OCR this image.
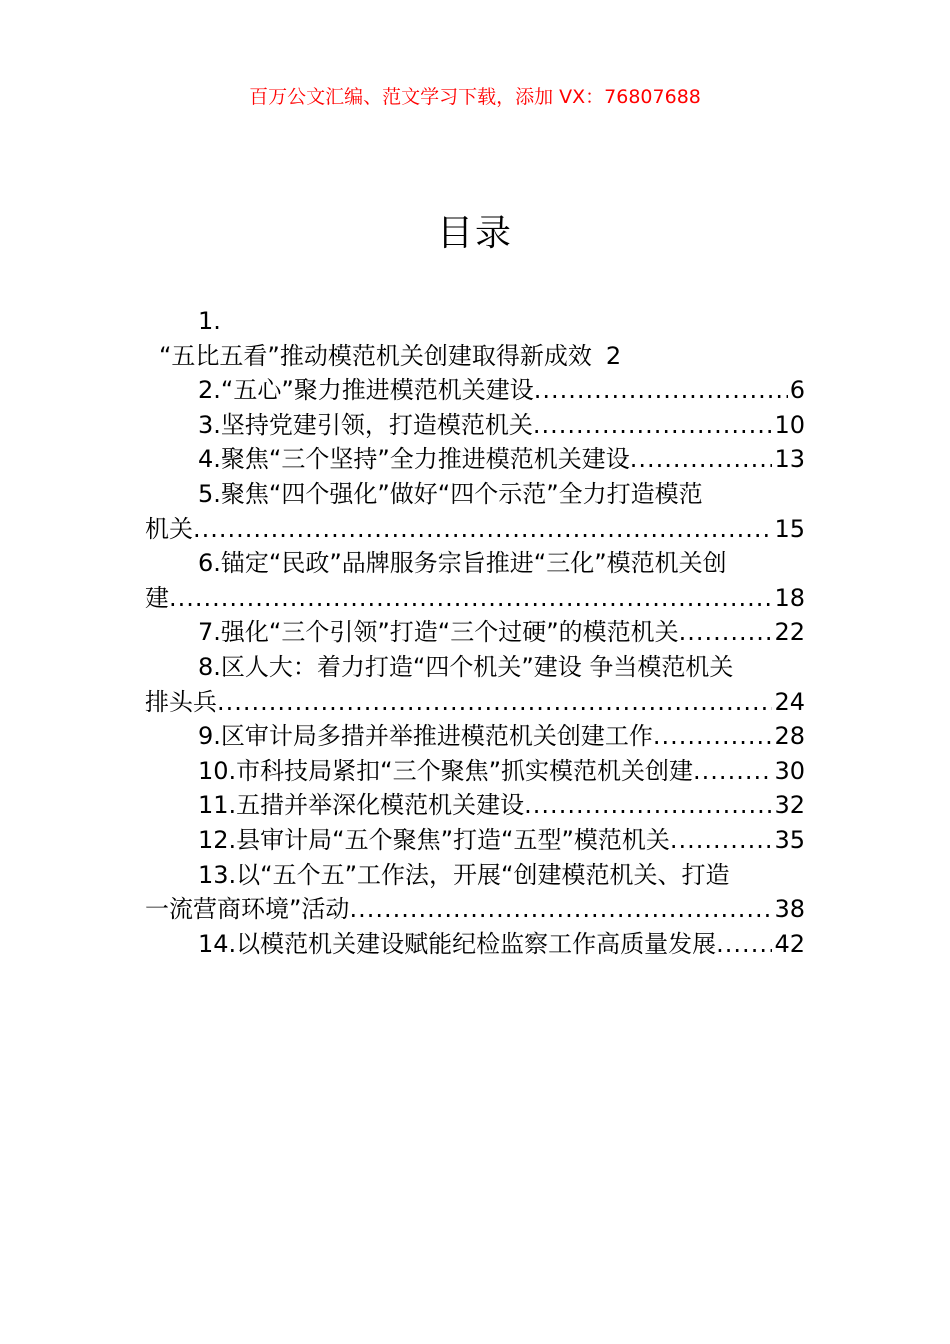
百万公文汇编、范文学习下载，添加 VX：76807688
目录
1.
“五比五看”推动模范机关创建取得新成效 2
2.“五心”聚力推进模范机关建设 .....	6
3.坚持党建引领，打造模范机关 .....	10
4.聚焦“三个坚持”全力推进模范机关建设 .....	13
5.聚焦“四个强化”做好“四个示范”全力打造模范
机关 .....	15
6.锚定“民政”品牌服务宗旨推进“三化”模范机关创
建 .....	18
7.强化“三个引领”打造“三个过硬”的模范机关 .....	22
8.区人大：着力打造“四个机关”建设 争当模范机关
排头兵 .....	24
9.区审计局多措并举推进模范机关创建工作 .....	28
10.市科技局紧扣“三个聚焦”抓实模范机关创建 .....	30
11.五措并举深化模范机关建设 .....	32
12.县审计局“五个聚焦”打造“五型”模范机关 .....	35
13.以“五个五”工作法，开展“创建模范机关、打造
一流营商环境”活动 .....	38
14.以模范机关建设赋能纪检监察工作高质量发展 ..... 42
